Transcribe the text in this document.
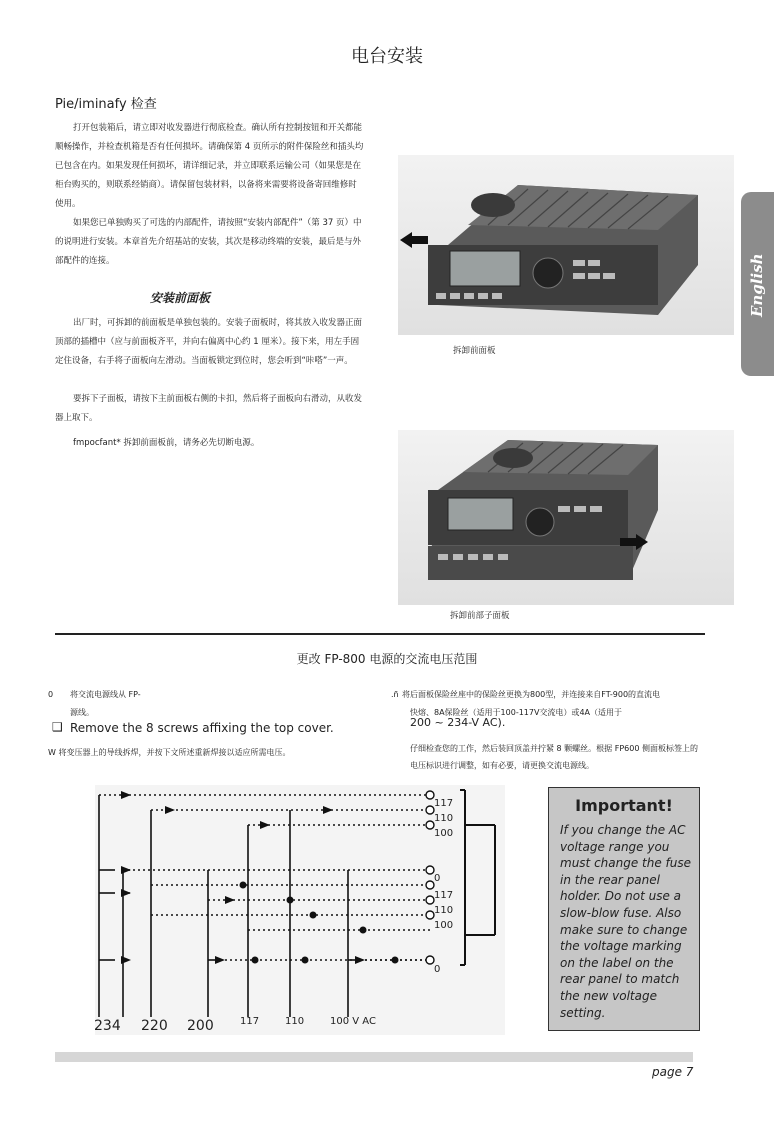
电台安装
English
Pie/iminafy 检查
打开包装箱后，请立即对收发器进行彻底检查。确认所有控制按钮和开关都能顺畅操作，并检查机箱是否有任何损坏。请确保第 4 页所示的附件保险丝和插头均已包含在内。如果发现任何损坏，请详细记录，并立即联系运输公司（如果您是在柜台购买的，则联系经销商）。请保留包装材料，以备将来需要将设备寄回维修时使用。
如果您已单独购买了可选的内部配件，请按照“安装内部配件”（第 37 页）中的说明进行安装。本章首先介绍基站的安装，其次是移动终端的安装，最后是与外部配件的连接。
安装前面板
出厂时，可拆卸的前面板是单独包装的。安装子面板时，将其放入收发器正面顶部的插槽中（应与前面板齐平，并向右偏离中心约 1 厘米）。接下来，用左手固定住设备，右手将子面板向左滑动。当面板锁定到位时，您会听到“咔嗒”一声。
要拆下子面板，请按下主前面板右侧的卡扣，然后将子面板向右滑动，从收发器上取下。
fmpocfant* 拆卸前面板前，请务必先切断电源。
拆卸前面板
拆卸前部子面板
更改 FP-800 电源的交流电压范围
0 将交流电源线从 FP-
源线。
❑ Remove the 8 screws affixing the top cover.
W 将变压器上的导线拆焊，并按下文所述重新焊接以适应所需电压。
.ñ 将后面板保险丝座中的保险丝更换为800型，并连接来自FT-900的直流电
快熔、8A保险丝（适用于100-117V交流电）或4A（适用于
200 ~ 234-V AC).
仔细检查您的工作，然后装回顶盖并拧紧 8 颗螺丝。根据 FP600 侧面板标签上的电压标识进行调整，如有必要，请更换交流电源线。
117
110
100
0
117
110
100
0
234 220 200	117	110	100 V AC
Important!
If you change the AC voltage range you must change the fuse in the rear panel holder. Do not use a slow-blow fuse. Also make sure to change the voltage marking on the label on the rear panel to match the new voltage setting.
page 7
